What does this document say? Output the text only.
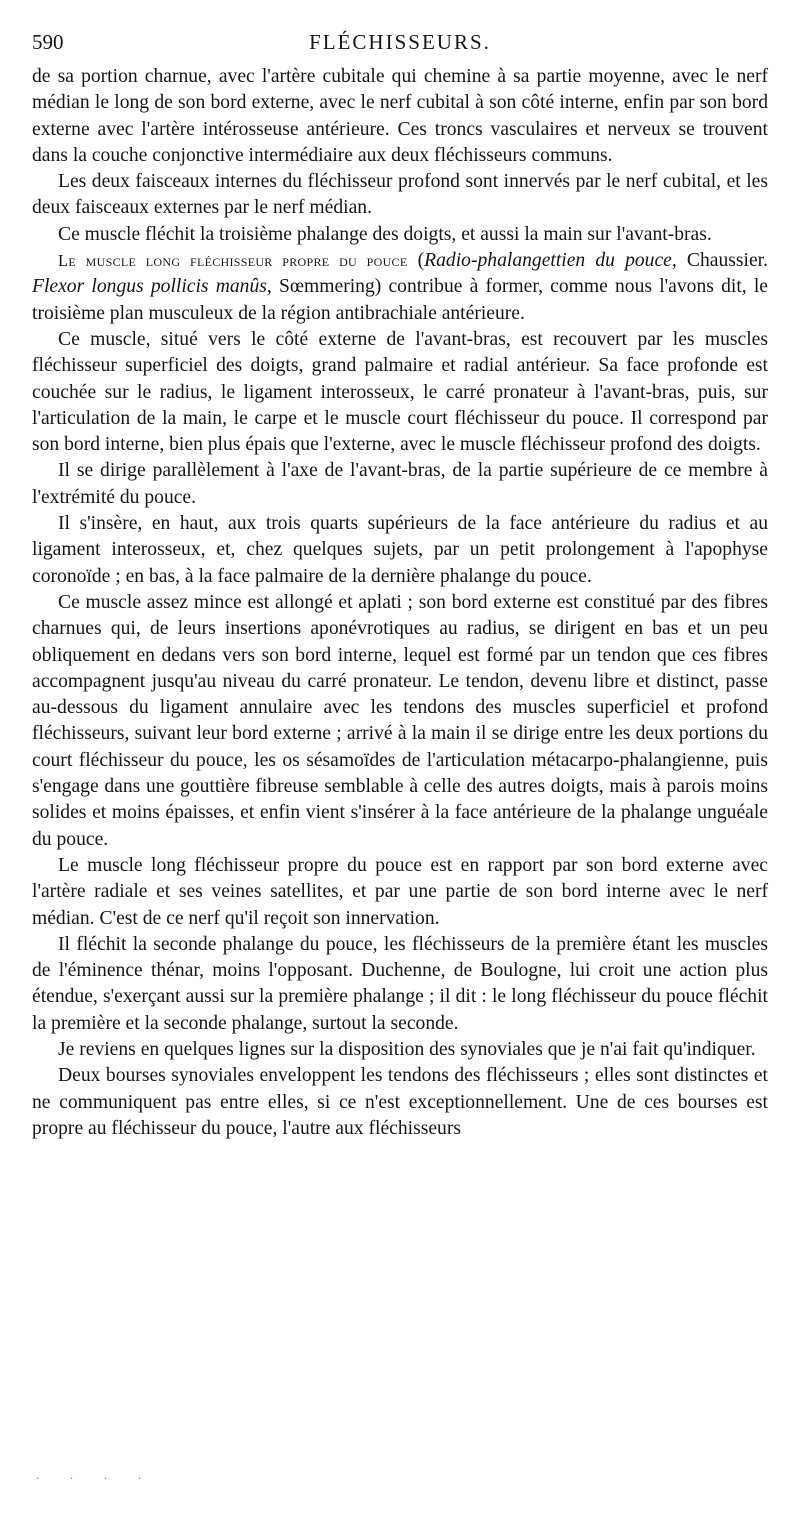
590	FLÉCHISSEURS.

de sa portion charnue, avec l'artère cubitale qui chemine à sa partie moyenne, avec le nerf médian le long de son bord externe, avec le nerf cubital à son côté interne, enfin par son bord externe avec l'artère intérosseuse antérieure. Ces troncs vasculaires et nerveux se trouvent dans la couche conjonctive intermédiaire aux deux fléchisseurs communs.

Les deux faisceaux internes du fléchisseur profond sont innervés par le nerf cubital, et les deux faisceaux externes par le nerf médian.

Ce muscle fléchit la troisième phalange des doigts, et aussi la main sur l'avant-bras.

Le muscle long fléchisseur propre du pouce (Radio-phalangettien du pouce, Chaussier. Flexor longus pollicis manûs, Sœmmering) contribue à former, comme nous l'avons dit, le troisième plan musculeux de la région antibrachiale antérieure.

Ce muscle, situé vers le côté externe de l'avant-bras, est recouvert par les muscles fléchisseur superficiel des doigts, grand palmaire et radial antérieur. Sa face profonde est couchée sur le radius, le ligament interosseux, le carré pronateur à l'avant-bras, puis, sur l'articulation de la main, le carpe et le muscle court fléchisseur du pouce. Il correspond par son bord interne, bien plus épais que l'externe, avec le muscle fléchisseur profond des doigts.

Il se dirige parallèlement à l'axe de l'avant-bras, de la partie supérieure de ce membre à l'extrémité du pouce.

Il s'insère, en haut, aux trois quarts supérieurs de la face antérieure du radius et au ligament interosseux, et, chez quelques sujets, par un petit prolongement à l'apophyse coronoïde ; en bas, à la face palmaire de la dernière phalange du pouce.

Ce muscle assez mince est allongé et aplati ; son bord externe est constitué par des fibres charnues qui, de leurs insertions aponévrotiques au radius, se dirigent en bas et un peu obliquement en dedans vers son bord interne, lequel est formé par un tendon que ces fibres accompagnent jusqu'au niveau du carré pronateur. Le tendon, devenu libre et distinct, passe au-dessous du ligament annulaire avec les tendons des muscles superficiel et profond fléchisseurs, suivant leur bord externe ; arrivé à la main il se dirige entre les deux portions du court fléchisseur du pouce, les os sésamoïdes de l'articulation métacarpo-phalangienne, puis s'engage dans une gouttière fibreuse semblable à celle des autres doigts, mais à parois moins solides et moins épaisses, et enfin vient s'insérer à la face antérieure de la phalange unguéale du pouce.

Le muscle long fléchisseur propre du pouce est en rapport par son bord externe avec l'artère radiale et ses veines satellites, et par une partie de son bord interne avec le nerf médian. C'est de ce nerf qu'il reçoit son innervation.

Il fléchit la seconde phalange du pouce, les fléchisseurs de la première étant les muscles de l'éminence thénar, moins l'opposant. Duchenne, de Boulogne, lui croit une action plus étendue, s'exerçant aussi sur la première phalange ; il dit : le long fléchisseur du pouce fléchit la première et la seconde phalange, surtout la seconde.

Je reviens en quelques lignes sur la disposition des synoviales que je n'ai fait qu'indiquer.

Deux bourses synoviales enveloppent les tendons des fléchisseurs ; elles sont distinctes et ne communiquent pas entre elles, si ce n'est exceptionnellement. Une de ces bourses est propre au fléchisseur du pouce, l'autre aux fléchisseurs

. . . .
